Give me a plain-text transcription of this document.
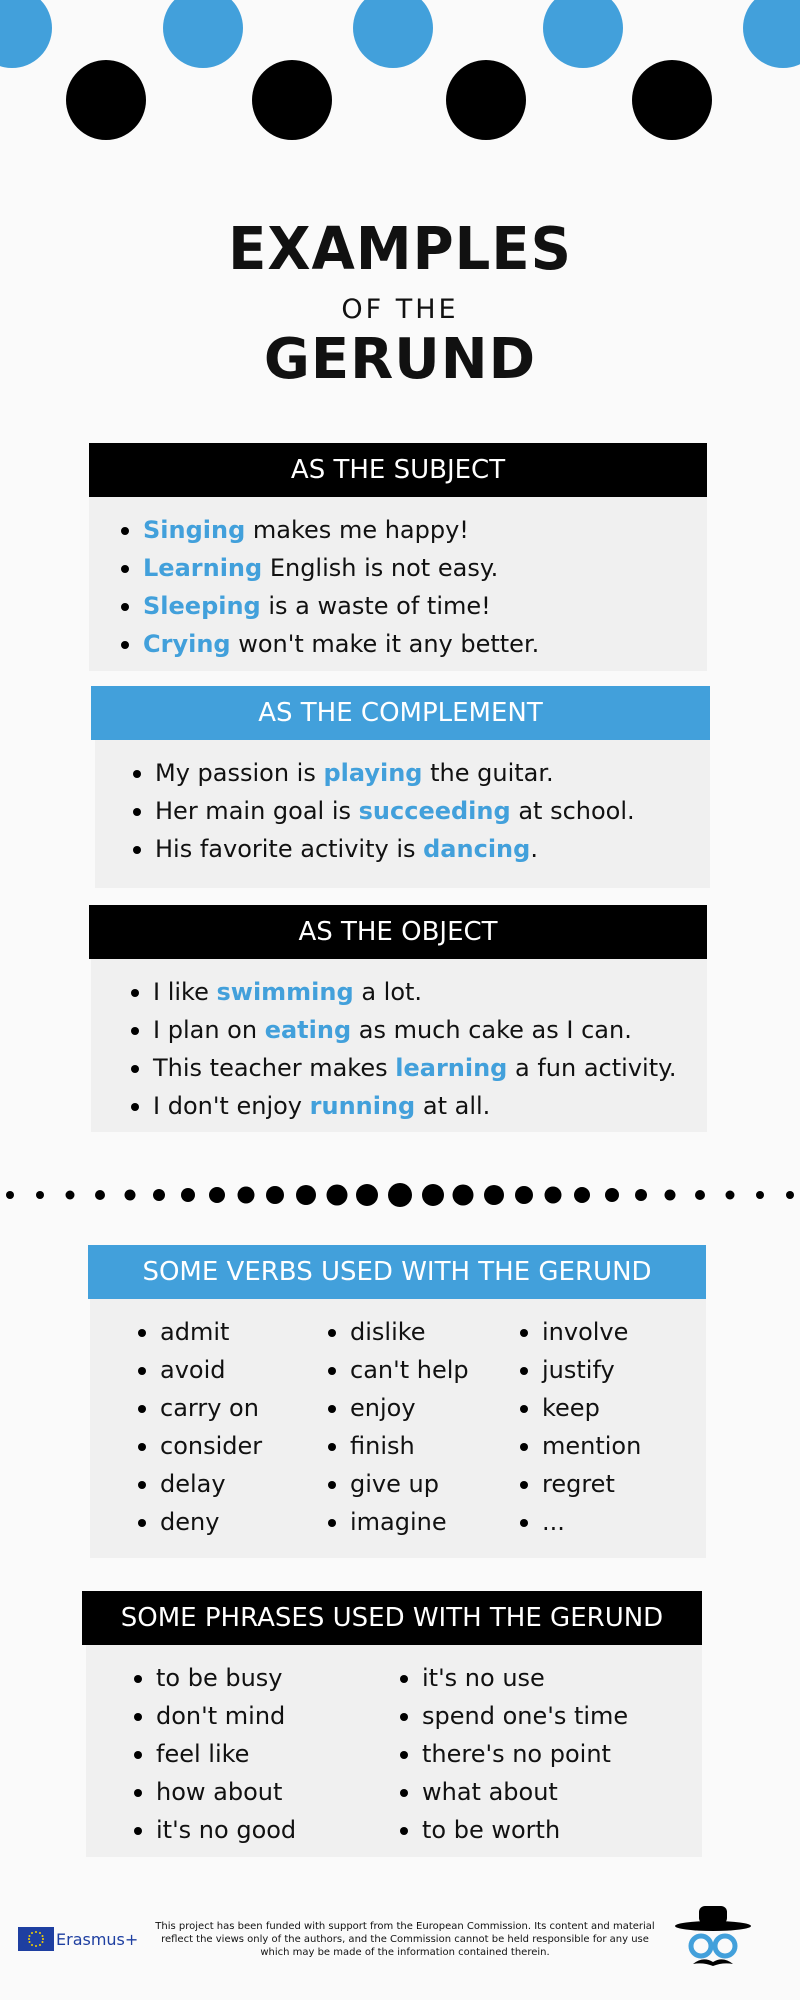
EXAMPLES
OF THE
GERUND
AS THE SUBJECT
Singing makes me happy!
Learning English is not easy.
Sleeping is a waste of time!
Crying won't make it any better.
AS THE COMPLEMENT
My passion is playing the guitar.
Her main goal is succeeding at school.
His favorite activity is dancing.
AS THE OBJECT
I like swimming a lot.
I plan on eating as much cake as I can.
This teacher makes learning a fun activity.
I don't enjoy running at all.
SOME VERBS USED WITH THE GERUND
admit
avoid
carry on
consider
delay
deny
dislike
can't help
enjoy
finish
give up
imagine
involve
justify
keep
mention
regret
...
SOME PHRASES USED WITH THE GERUND
to be busy
don't mind
feel like
how about
it's no good
it's no use
spend one's time
there's no point
what about
to be worth
Erasmus+
This project has been funded with support from the European Commission. Its content and material reflect the views only of the authors, and the Commission cannot be held responsible for any use which may be made of the information contained therein.
